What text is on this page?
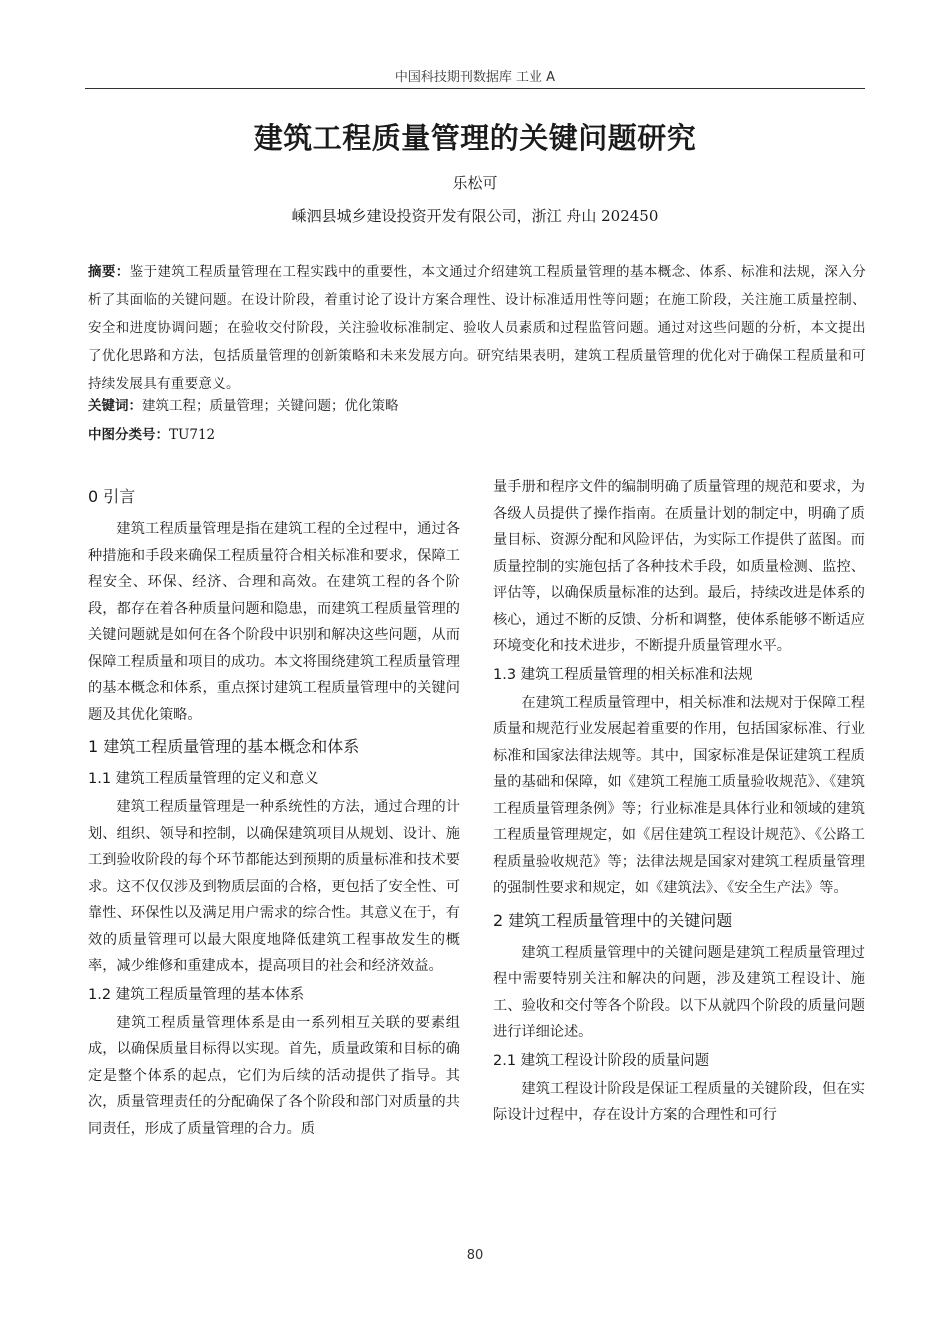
中国科技期刊数据库 工业 A
建筑工程质量管理的关键问题研究
乐松可
嵊泗县城乡建设投资开发有限公司，浙江 舟山 202450
摘要：鉴于建筑工程质量管理在工程实践中的重要性，本文通过介绍建筑工程质量管理的基本概念、体系、标准和法规，深入分析了其面临的关键问题。在设计阶段，着重讨论了设计方案合理性、设计标准适用性等问题；在施工阶段，关注施工质量控制、安全和进度协调问题；在验收交付阶段，关注验收标准制定、验收人员素质和过程监管问题。通过对这些问题的分析，本文提出了优化思路和方法，包括质量管理的创新策略和未来发展方向。研究结果表明，建筑工程质量管理的优化对于确保工程质量和可持续发展具有重要意义。
关键词：建筑工程；质量管理；关键问题；优化策略
中图分类号：TU712
0 引言

建筑工程质量管理是指在建筑工程的全过程中，通过各种措施和手段来确保工程质量符合相关标准和要求，保障工程安全、环保、经济、合理和高效。在建筑工程的各个阶段，都存在着各种质量问题和隐患，而建筑工程质量管理的关键问题就是如何在各个阶段中识别和解决这些问题，从而保障工程质量和项目的成功。本文将围绕建筑工程质量管理的基本概念和体系，重点探讨建筑工程质量管理中的关键问题及其优化策略。

1 建筑工程质量管理的基本概念和体系
1.1 建筑工程质量管理的定义和意义

建筑工程质量管理是一种系统性的方法，通过合理的计划、组织、领导和控制，以确保建筑项目从规划、设计、施工到验收阶段的每个环节都能达到预期的质量标准和技术要求。这不仅仅涉及到物质层面的合格，更包括了安全性、可靠性、环保性以及满足用户需求的综合性。其意义在于，有效的质量管理可以最大限度地降低建筑工程事故发生的概率，减少维修和重建成本，提高项目的社会和经济效益。

1.2 建筑工程质量管理的基本体系

建筑工程质量管理体系是由一系列相互关联的要素组成，以确保质量目标得以实现。首先，质量政策和目标的确定是整个体系的起点，它们为后续的活动提供了指导。其次，质量管理责任的分配确保了各个阶段和部门对质量的共同责任，形成了质量管理的合力。质

量手册和程序文件的编制明确了质量管理的规范和要求，为各级人员提供了操作指南。在质量计划的制定中，明确了质量目标、资源分配和风险评估，为实际工作提供了蓝图。而质量控制的实施包括了各种技术手段，如质量检测、监控、评估等，以确保质量标准的达到。最后，持续改进是体系的核心，通过不断的反馈、分析和调整，使体系能够不断适应环境变化和技术进步，不断提升质量管理水平。

1.3 建筑工程质量管理的相关标准和法规

在建筑工程质量管理中，相关标准和法规对于保障工程质量和规范行业发展起着重要的作用，包括国家标准、行业标准和国家法律法规等。其中，国家标准是保证建筑工程质量的基础和保障，如《建筑工程施工质量验收规范》、《建筑工程质量管理条例》等；行业标准是具体行业和领域的建筑工程质量管理规定，如《居住建筑工程设计规范》、《公路工程质量验收规范》等；法律法规是国家对建筑工程质量管理的强制性要求和规定，如《建筑法》、《安全生产法》等。

2 建筑工程质量管理中的关键问题

建筑工程质量管理中的关键问题是建筑工程质量管理过程中需要特别关注和解决的问题，涉及建筑工程设计、施工、验收和交付等各个阶段。以下从就四个阶段的质量问题进行详细论述。

2.1 建筑工程设计阶段的质量问题

建筑工程设计阶段是保证工程质量的关键阶段，但在实际设计过程中，存在设计方案的合理性和可行

80
